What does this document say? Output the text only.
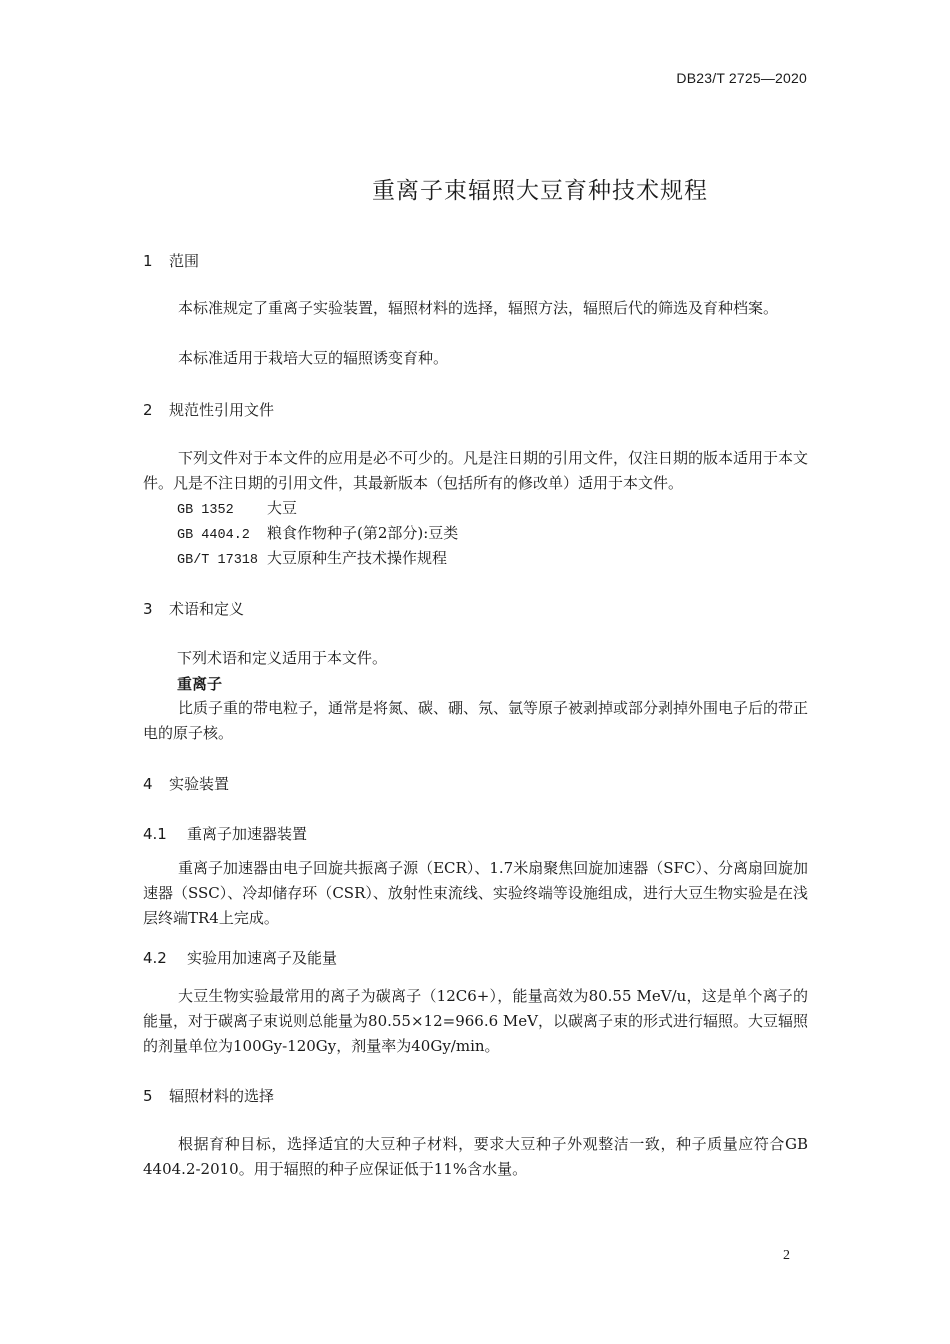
DB23/T 2725—2020
重离子束辐照大豆育种技术规程
1 范围
本标准规定了重离子实验装置，辐照材料的选择，辐照方法，辐照后代的筛选及育种档案。
本标准适用于栽培大豆的辐照诱变育种。
2 规范性引用文件
下列文件对于本文件的应用是必不可少的。凡是注日期的引用文件，仅注日期的版本适用于本文件。凡是不注日期的引用文件，其最新版本（包括所有的修改单）适用于本文件。
GB 1352 大豆
GB 4404.2 粮食作物种子(第2部分):豆类
GB/T 17318 大豆原种生产技术操作规程
3 术语和定义
下列术语和定义适用于本文件。
重离子
比质子重的带电粒子，通常是将氮、碳、硼、氖、氩等原子被剥掉或部分剥掉外围电子后的带正电的原子核。
4 实验装置
4.1 重离子加速器装置
重离子加速器由电子回旋共振离子源（ECR）、1.7米扇聚焦回旋加速器（SFC）、分离扇回旋加速器（SSC）、冷却储存环（CSR）、放射性束流线、实验终端等设施组成，进行大豆生物实验是在浅层终端TR4上完成。
4.2 实验用加速离子及能量
大豆生物实验最常用的离子为碳离子（12C6+），能量高效为80.55 MeV/u，这是单个离子的能量，对于碳离子束说则总能量为80.55×12=966.6 MeV，以碳离子束的形式进行辐照。大豆辐照的剂量单位为100Gy-120Gy，剂量率为40Gy/min。
5 辐照材料的选择
根据育种目标，选择适宜的大豆种子材料，要求大豆种子外观整洁一致，种子质量应符合GB 4404.2-2010。用于辐照的种子应保证低于11%含水量。
2
